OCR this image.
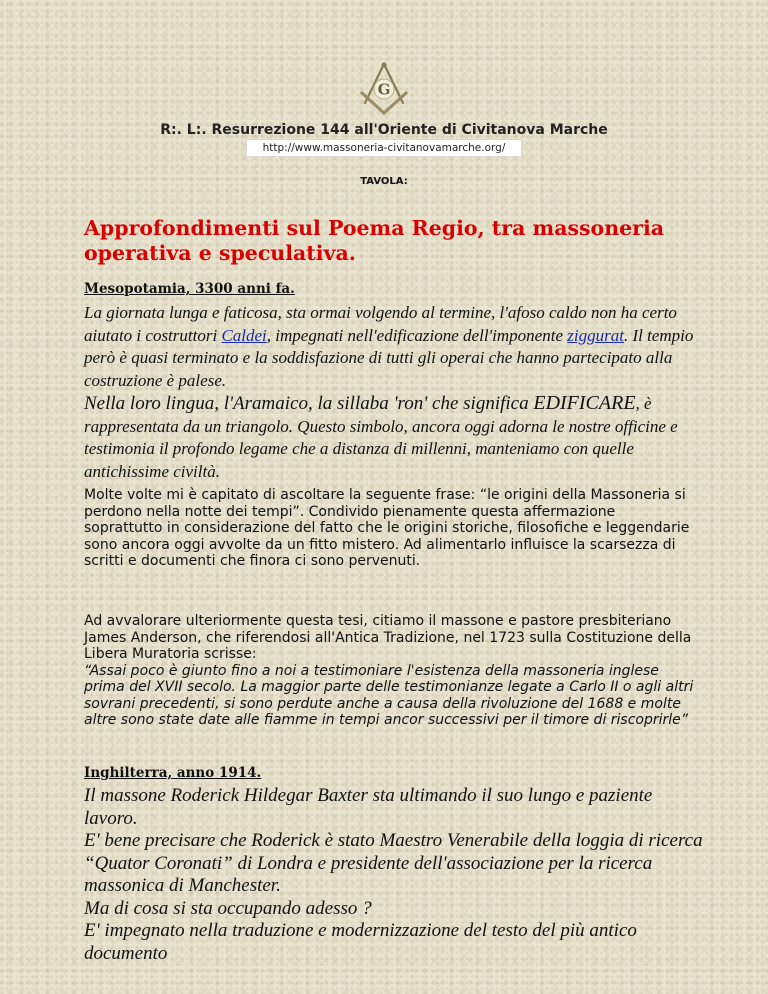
G
R:. L:. Resurrezione 144 all'Oriente di Civitanova Marche
http://www.massoneria-civitanovamarche.org/
TAVOLA:
Approfondimenti sul Poema Regio, tra massoneria operativa e speculativa.
Mesopotamia, 3300 anni fa.

La giornata lunga e faticosa, sta ormai volgendo al termine, l'afoso caldo non ha certo aiutato i costruttori Caldei, impegnati nell'edificazione dell'imponente ziggurat. Il tempio però è quasi terminato e la soddisfazione di tutti gli operai che hanno partecipato alla costruzione è palese.

Nella loro lingua, l'Aramaico, la sillaba 'ron' che significa EDIFICARE, è rappresentata da un triangolo. Questo simbolo, ancora oggi adorna le nostre officine e testimonia il profondo legame che a distanza di millenni, manteniamo con quelle antichissime civiltà.

Molte volte mi è capitato di ascoltare la seguente frase: “le origini della Massoneria si perdono nella notte dei tempi”. Condivido pienamente questa affermazione soprattutto in considerazione del fatto che le origini storiche, filosofiche e leggendarie sono ancora oggi avvolte da un fitto mistero. Ad alimentarlo influisce la scarsezza di scritti e documenti che finora ci sono pervenuti.

Ad avvalorare ulteriormente questa tesi, citiamo il massone e pastore presbiteriano James Anderson, che riferendosi all'Antica Tradizione, nel 1723 sulla Costituzione della Libera Muratoria scrisse:
“Assai poco è giunto fino a noi a testimoniare l'esistenza della massoneria inglese prima del XVII secolo. La maggior parte delle testimonianze legate a Carlo II o agli altri sovrani precedenti, si sono perdute anche a causa della rivoluzione del 1688 e molte altre sono state date alle fiamme in tempi ancor successivi per il timore di riscoprirle”
Inghilterra, anno 1914.

Il massone Roderick Hildegar Baxter sta ultimando il suo lungo e paziente lavoro.

E' bene precisare che Roderick è stato Maestro Venerabile della loggia di ricerca “Quator Coronati” di Londra e presidente dell'associazione per la ricerca massonica di Manchester.

Ma di cosa si sta occupando adesso ?

E' impegnato nella traduzione e modernizzazione del testo del più antico documento
